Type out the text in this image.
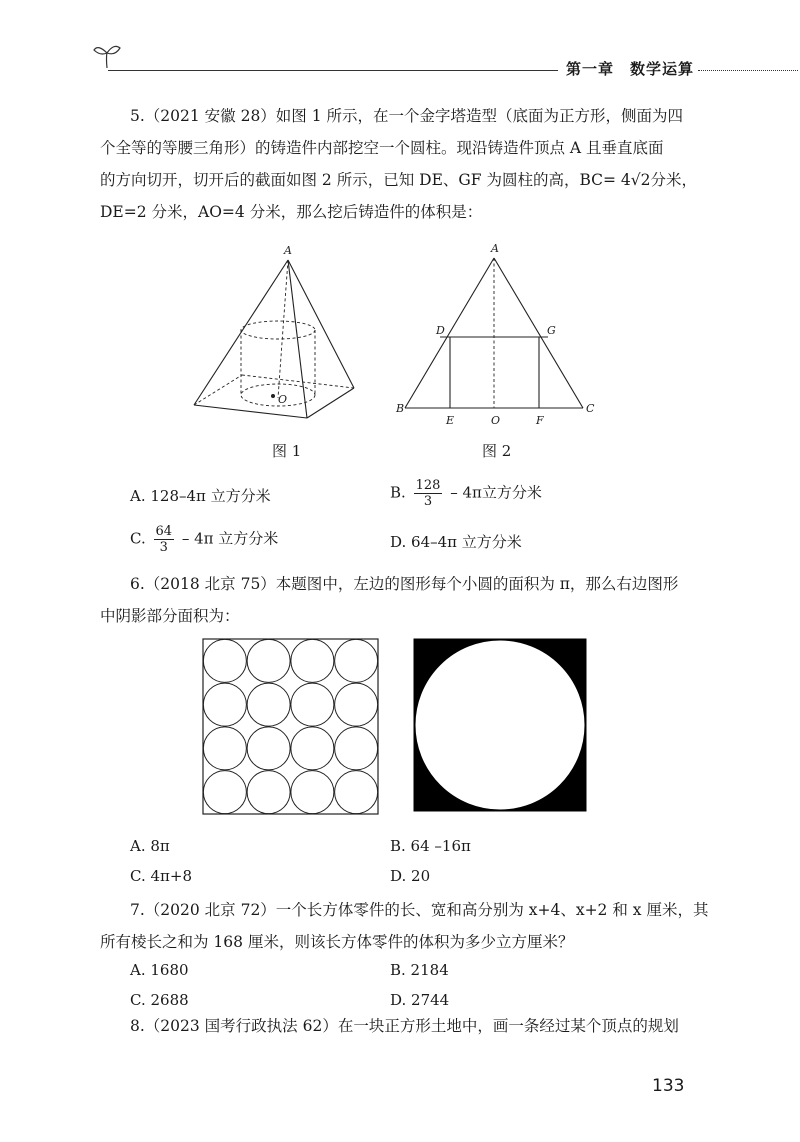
第一章　数学运算
5.（2021 安徽 28）如图 1 所示，在一个金字塔造型（底面为正方形，侧面为四
个全等的等腰三角形）的铸造件内部挖空一个圆柱。现沿铸造件顶点 A 且垂直底面
的方向切开，切开后的截面如图 2 所示，已知 DE、GF 为圆柱的高，BC= 4√2分米，
DE=2 分米，AO=4 分米，那么挖后铸造件的体积是：
A
O
图 1
A
B	C
D	G
E	O	F
图 2
A. 128–4π 立方分米	B. $\frac{128}{3} - 4\pi$立方分米
C. $\frac{64}{3} - 4\pi$ 立方分米	D. 64–4π 立方分米
6.（2018 北京 75）本题图中，左边的图形每个小圆的面积为 π，那么右边图形
中阴影部分面积为：
A. 8π	B. 64 –16π
C. 4π+8	D. 20
7.（2020 北京 72）一个长方体零件的长、宽和高分别为 x+4、x+2 和 x 厘米，其
所有棱长之和为 168 厘米，则该长方体零件的体积为多少立方厘米？
A. 1680	B. 2184
C. 2688	D. 2744
8.（2023 国考行政执法 62）在一块正方形土地中，画一条经过某个顶点的规划
133
